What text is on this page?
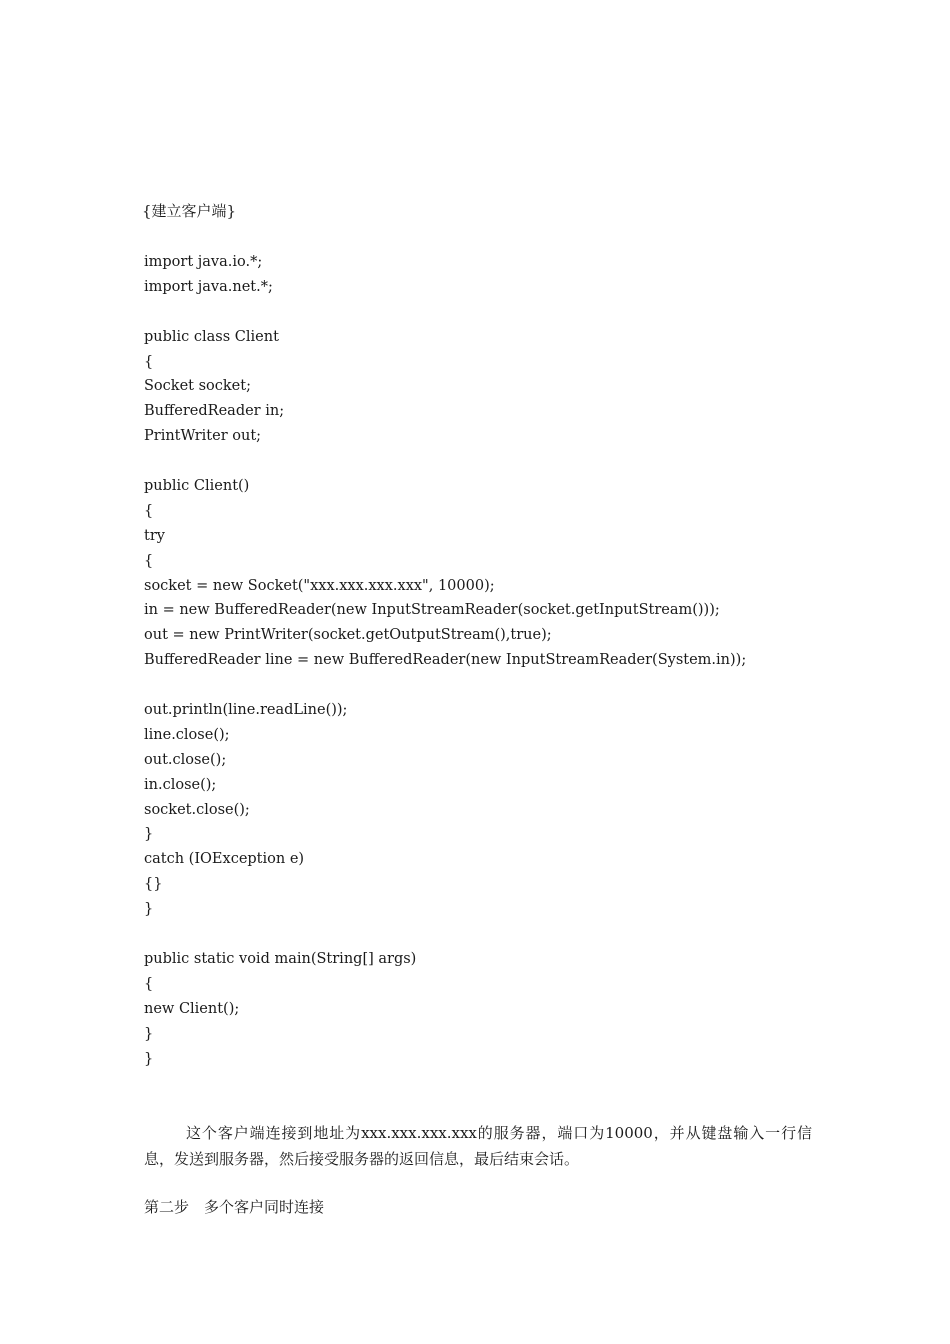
{建立客户端}
import java.io.*;
import java.net.*;
public class Client
{
Socket socket;
BufferedReader in;
PrintWriter out;
public Client()
{
try
{
socket = new Socket("xxx.xxx.xxx.xxx", 10000);
in = new BufferedReader(new InputStreamReader(socket.getInputStream()));
out = new PrintWriter(socket.getOutputStream(),true);
BufferedReader line = new BufferedReader(new InputStreamReader(System.in));
out.println(line.readLine());
line.close();
out.close();
in.close();
socket.close();
}
catch (IOException e)
{}
}
public static void main(String[] args)
{
new Client();
}
}

这个客户端连接到地址为xxx.xxx.xxx.xxx的服务器，端口为10000，并从键盘输入一行信息，发送到服务器，然后接受服务器的返回信息，最后结束会话。

第二步　多个客户同时连接
